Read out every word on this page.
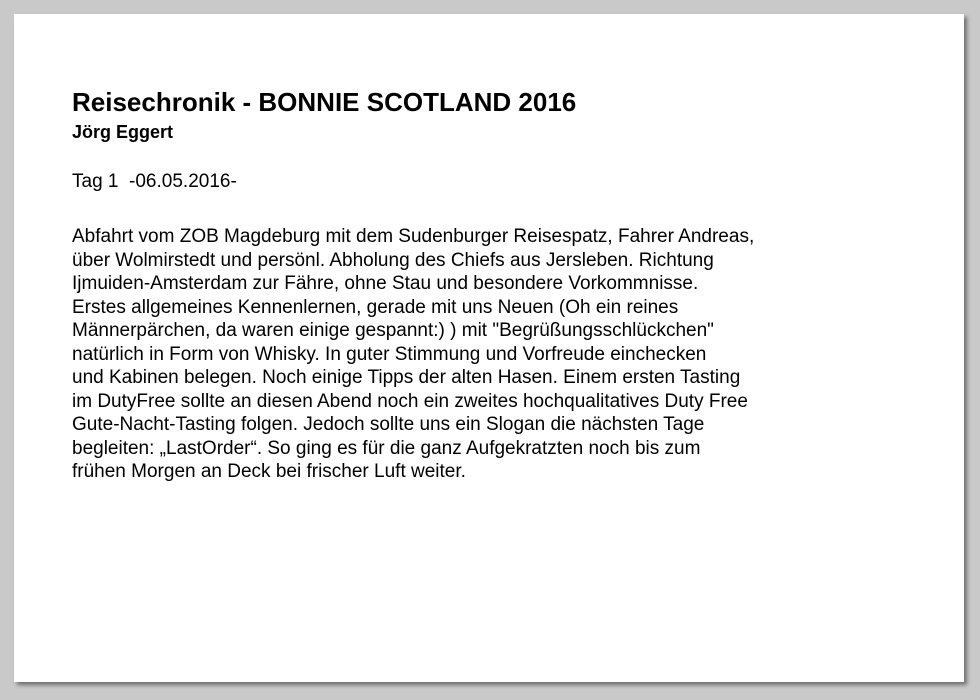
Reisechronik - BONNIE SCOTLAND 2016
Jörg Eggert
Tag 1  -06.05.2016-
Abfahrt vom ZOB Magdeburg mit dem Sudenburger Reisespatz, Fahrer Andreas,
über Wolmirstedt und persönl. Abholung des Chiefs aus Jersleben. Richtung
Ijmuiden-Amsterdam zur Fähre, ohne Stau und besondere Vorkommnisse.
Erstes allgemeines Kennenlernen, gerade mit uns Neuen (Oh ein reines
Männerpärchen, da waren einige gespannt:) ) mit "Begrüßungsschlückchen"
natürlich in Form von Whisky. In guter Stimmung und Vorfreude einchecken
und Kabinen belegen. Noch einige Tipps der alten Hasen. Einem ersten Tasting
im DutyFree sollte an diesen Abend noch ein zweites hochqualitatives Duty Free
Gute-Nacht-Tasting folgen. Jedoch sollte uns ein Slogan die nächsten Tage
begleiten: „LastOrder“. So ging es für die ganz Aufgekratzten noch bis zum
frühen Morgen an Deck bei frischer Luft weiter.
